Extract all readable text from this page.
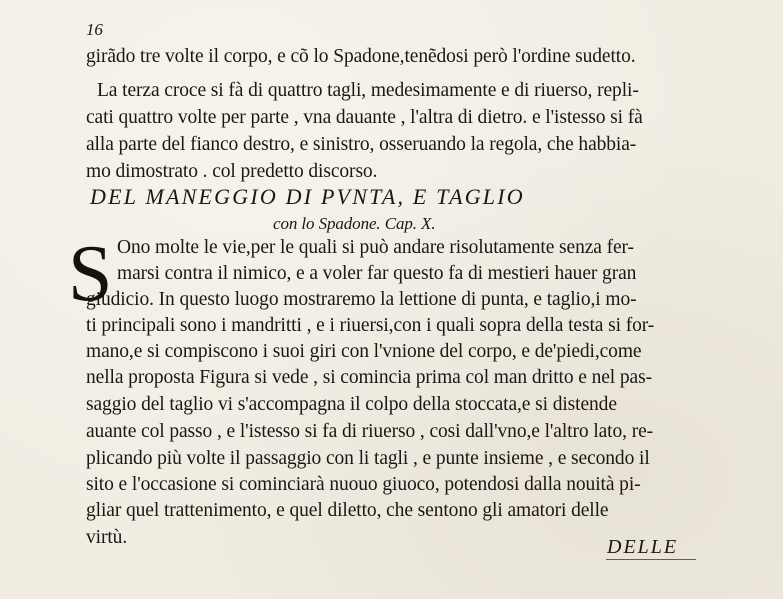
16
girãdo tre volte il corpo, e cõ lo Spadone,tenẽdosi però l'ordine sudetto.
La terza croce si fà di quattro tagli, medesimamente e di riuerso, repli-
cati quattro volte per parte , vna dauante , l'altra di dietro. e l'istesso si fà
alla parte del fianco destro, e sinistro, osseruando la regola, che habbia-
mo dimostrato . col predetto discorso.
DEL MANEGGIO DI PVNTA, E TAGLIO
con lo Spadone. Cap. X.
S Ono molte le vie,per le quali si può andare risolutamente senza fer-
marsi contra il nimico, e a voler far questo fa di mestieri hauer gran
giudicio. In questo luogo mostraremo la lettione di punta, e taglio,i mo-
ti principali sono i mandritti , e i riuersi,con i quali sopra della testa si for-
mano,e si compiscono i suoi giri con l'vnione del corpo, e de'piedi,come
nella proposta Figura si vede , si comincia prima col man dritto e nel pas-
saggio del taglio vi s'accompagna il colpo della stoccata,e si distende
auante col passo , e l'istesso si fa di riuerso , cosi dall'vno,e l'altro lato, re-
plicando più volte il passaggio con li tagli , e punte insieme , e secondo il
sito e l'occasione si cominciarà nuouo giuoco, potendosi dalla nouità pi-
gliar quel trattenimento, e quel diletto, che sentono gli amatori delle
virtù.	DELLE
